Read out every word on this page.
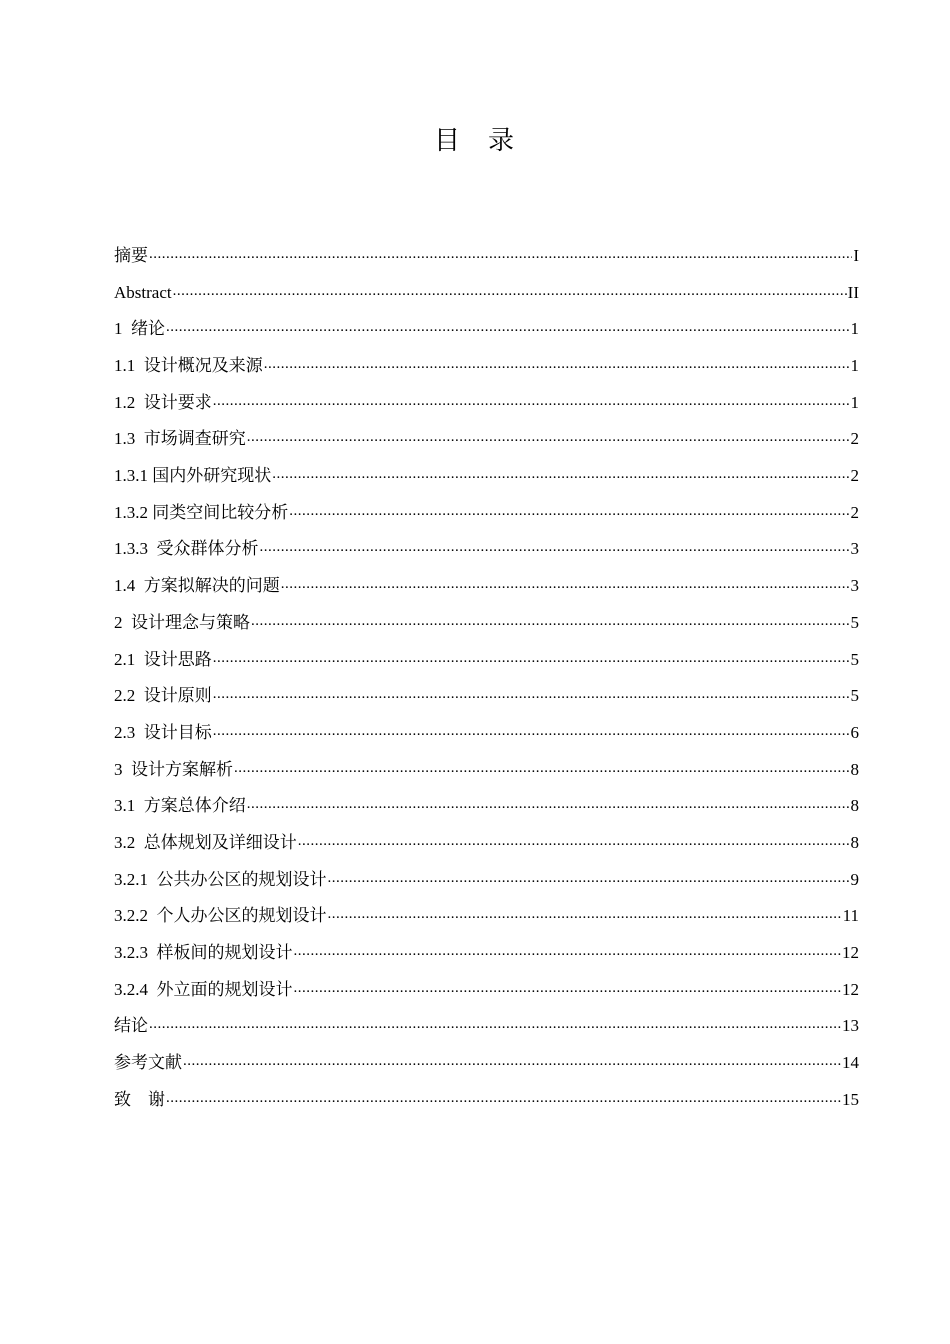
目 录
摘要 .....	I
Abstract .....	II
1  绪论 .....	1
1.1  设计概况及来源 .....	1
1.2  设计要求 .....	1
1.3  市场调查研究 .....	2
1.3.1 国内外研究现状 .....	2
1.3.2 同类空间比较分析 .....	2
1.3.3  受众群体分析 .....	3
1.4  方案拟解决的问题 .....	3
2  设计理念与策略 .....	5
2.1  设计思路 .....	5
2.2  设计原则 .....	5
2.3  设计目标 .....	6
3  设计方案解析 .....	8
3.1  方案总体介绍 .....	8
3.2  总体规划及详细设计 .....	8
3.2.1  公共办公区的规划设计 .....	9
3.2.2  个人办公区的规划设计 .....	11
3.2.3  样板间的规划设计 .....	12
3.2.4  外立面的规划设计 .....	12
结论 .....	13
参考文献 .....	14
致    谢 .....	15
